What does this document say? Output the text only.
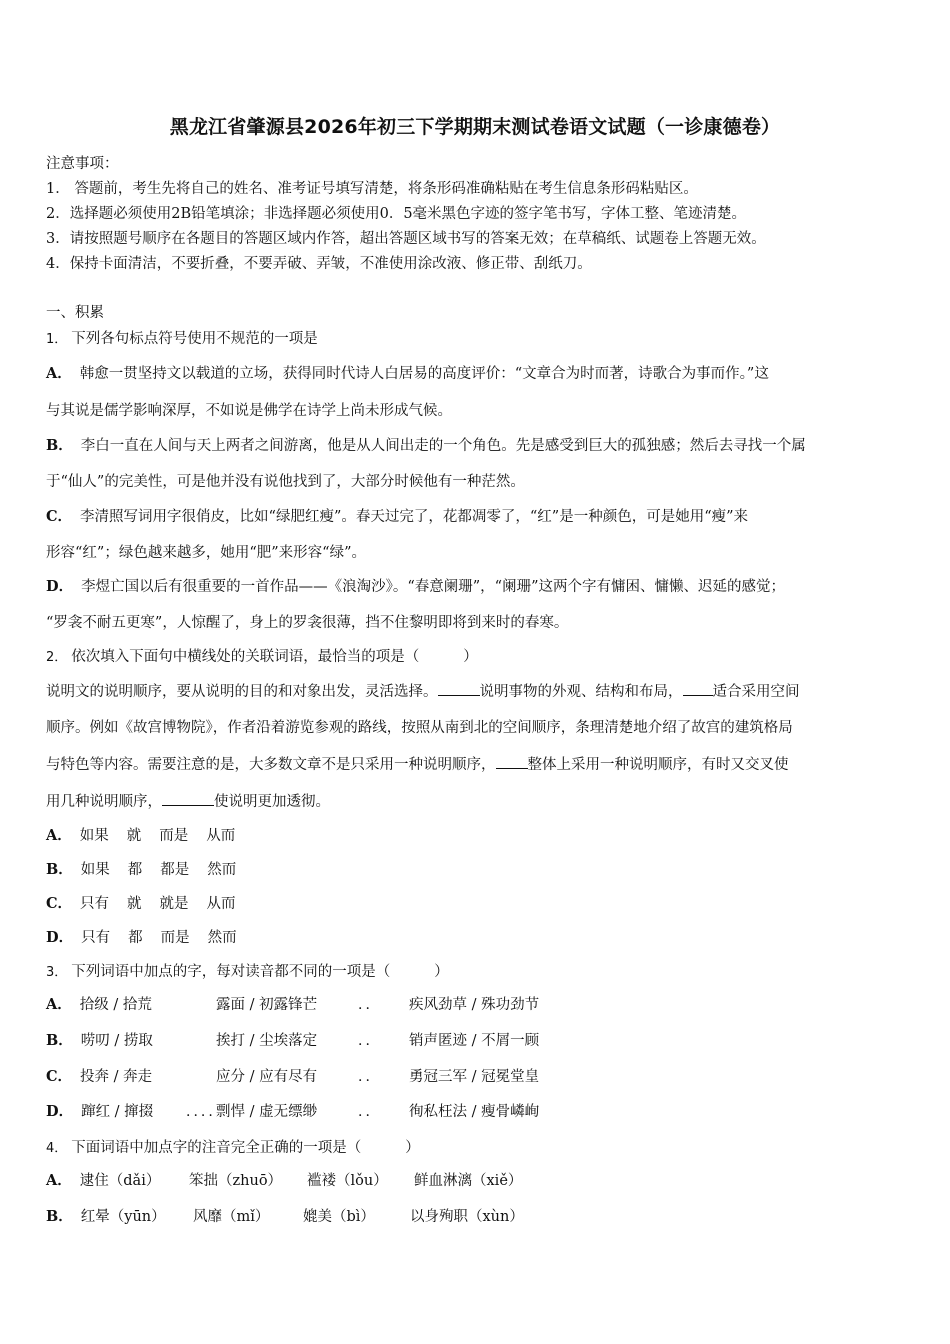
黑龙江省肇源县2026年初三下学期期末测试卷语文试题（一诊康德卷）
注意事项：
1． 答题前，考生先将自己的姓名、准考证号填写清楚，将条形码准确粘贴在考生信息条形码粘贴区。
2．选择题必须使用2B铅笔填涂；非选择题必须使用0．5毫米黑色字迹的签字笔书写，字体工整、笔迹清楚。
3．请按照题号顺序在各题目的答题区域内作答，超出答题区域书写的答案无效；在草稿纸、试题卷上答题无效。
4．保持卡面清洁，不要折叠，不要弄破、弄皱，不准使用涂改液、修正带、刮纸刀。
一、积累
1． 下列各句标点符号使用不规范的一项是
A． 韩愈一贯坚持文以载道的立场，获得同时代诗人白居易的高度评价：“文章合为时而著，诗歌合为事而作。”这
与其说是儒学影响深厚，不如说是佛学在诗学上尚未形成气候。
B． 李白一直在人间与天上两者之间游离，他是从人间出走的一个角色。先是感受到巨大的孤独感；然后去寻找一个属
于“仙人”的完美性，可是他并没有说他找到了，大部分时候他有一种茫然。
C． 李清照写词用字很俏皮，比如“绿肥红瘦”。春天过完了，花都凋零了，“红”是一种颜色，可是她用“瘦”来
形容“红”；绿色越来越多，她用“肥”来形容“绿”。
D． 李煜亡国以后有很重要的一首作品——《浪淘沙》。“春意阑珊”，“阑珊”这两个字有慵困、慵懒、迟延的感觉；
“罗衾不耐五更寒”，人惊醒了，身上的罗衾很薄，挡不住黎明即将到来时的春寒。
2． 依次填入下面句中横线处的关联词语，最恰当的项是（	）
说明文的说明顺序，要从说明的目的和对象出发，灵活选择。	说明事物的外观、结构和布局， 适合采用空间
顺序。例如《故宫博物院》，作者沿着游览参观的路线，按照从南到北的空间顺序，条理清楚地介绍了故宫的建筑格局
与特色等内容。需要注意的是，大多数文章不是只采用一种说明顺序， 整体上采用一种说明顺序，有时又交叉使
用几种说明顺序，	使说明更加透彻。
A． 如果 就 而是 从而
B． 如果 都 都是 然而
C． 只有 就 就是 从而
D． 只有 都 而是 然而
3． 下列词语中加点的字，每对读音都不同的一项是（	）
A． 拾级 / 拾荒	露面 / 初露锋芒	疾风劲草 / 殊功劲节
··
B． 唠叨 / 捞取	挨打 / 尘埃落定	销声匿迹 / 不屑一顾
··
C． 投奔 / 奔走	应分 / 应有尽有	勇冠三军 / 冠冕堂皇
··
D． 蹿红 / 撺掇	剽悍 / 虚无缥缈	徇私枉法 / 瘦骨嶙峋
····	··
4． 下面词语中加点字的注音完全正确的一项是（	）
A． 逮住（dǎi） 笨拙（zhuō） 褴褛（lǒu） 鲜血淋漓（xiě）
B． 红晕（yūn） 风靡（mǐ） 媲美（bì） 以身殉职（xùn）
